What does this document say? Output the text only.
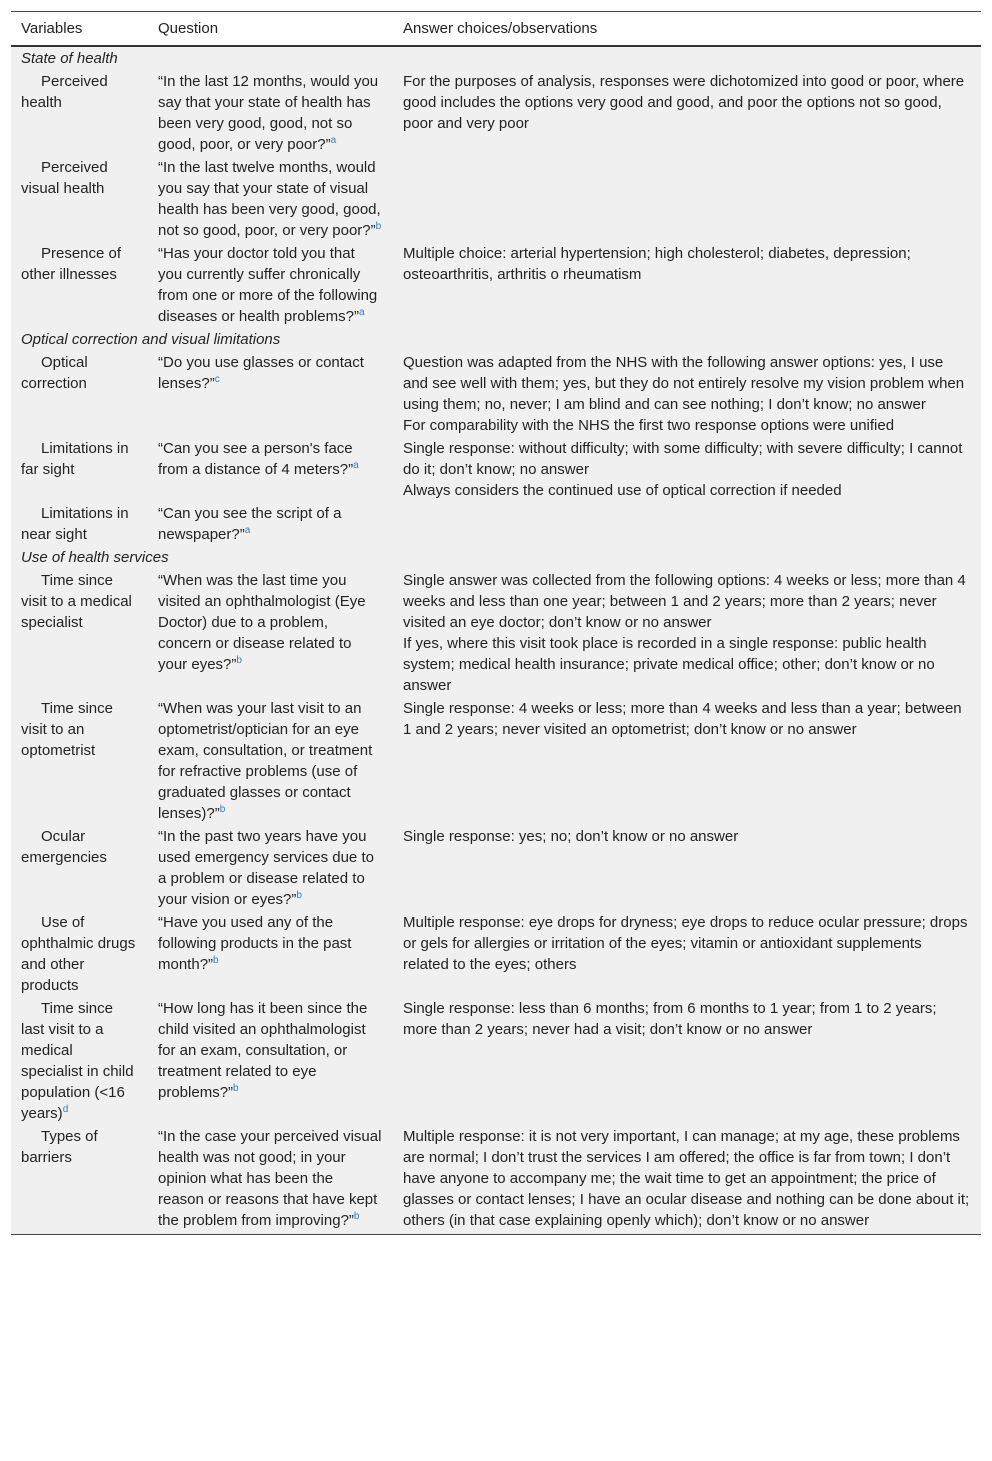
Variables	Question	Answer choices/observations
State of health		

Perceived health	“In the last 12 months, would you say that your state of health has been very good, good, not so good, poor, or very poor?”$^a$	For the purposes of analysis, responses were dichotomized into good or poor, where good includes the options very good and good, and poor the options not so good, poor and very poor

Perceived visual health	“In the last twelve months, would you say that your state of visual health has been very good, good, not so good, poor, or very poor?”$^b$	

Presence of other illnesses	“Has your doctor told you that you currently suffer chronically from one or more of the following diseases or health problems?”$^a$	Multiple choice: arterial hypertension; high cholesterol; diabetes, depression; osteoarthritis, arthritis o rheumatism

Optical correction and visual limitations		

Optical correction	“Do you use glasses or contact lenses?”$^c$	Question was adapted from the NHS with the following answer options: yes, I use and see well with them; yes, but they do not entirely resolve my vision problem when using them; no, never; I am blind and can see nothing; I don’t know; no answer
For comparability with the NHS the first two response options were unified

Limitations in far sight	“Can you see a person's face from a distance of 4 meters?”$^a$	Single response: without difficulty; with some difficulty; with severe difficulty; I cannot do it; don’t know; no answer
Always considers the continued use of optical correction if needed

Limitations in near sight	“Can you see the script of a newspaper?”$^a$	
Use of health services		

Time since visit to a medical specialist	“When was the last time you visited an ophthalmologist (Eye Doctor) due to a problem, concern or disease related to your eyes?”$^b$	Single answer was collected from the following options: 4 weeks or less; more than 4 weeks and less than one year; between 1 and 2 years; more than 2 years; never visited an eye doctor; don’t know or no answer
If yes, where this visit took place is recorded in a single response: public health system; medical health insurance; private medical office; other; don’t know or no answer

Time since visit to an optometrist	“When was your last visit to an optometrist/optician for an eye exam, consultation, or treatment for refractive problems (use of graduated glasses or contact lenses)?”$^b$	Single response: 4 weeks or less; more than 4 weeks and less than a year; between 1 and 2 years; never visited an optometrist; don’t know or no answer

Ocular emergencies	“In the past two years have you used emergency services due to a problem or disease related to your vision or eyes?”$^b$	Single response: yes; no; don’t know or no answer

Use of ophthalmic drugs and other products	“Have you used any of the following products in the past month?”$^b$	Multiple response: eye drops for dryness; eye drops to reduce ocular pressure; drops or gels for allergies or irritation of the eyes; vitamin or antioxidant supplements related to the eyes; others

Time since last visit to a medical specialist in child population (<16 years)$^d$	“How long has it been since the child visited an ophthalmologist for an exam, consultation, or treatment related to eye problems?”$^b$	Single response: less than 6 months; from 6 months to 1 year; from 1 to 2 years; more than 2 years; never had a visit; don’t know or no answer

Types of barriers	“In the case your perceived visual health was not good; in your opinion what has been the reason or reasons that have kept the problem from improving?”$^b$	Multiple response: it is not very important, I can manage; at my age, these problems are normal; I don’t trust the services I am offered; the office is far from town; I don’t have anyone to accompany me; the wait time to get an appointment; the price of glasses or contact lenses; I have an ocular disease and nothing can be done about it; others (in that case explaining openly which); don’t know or no answer
